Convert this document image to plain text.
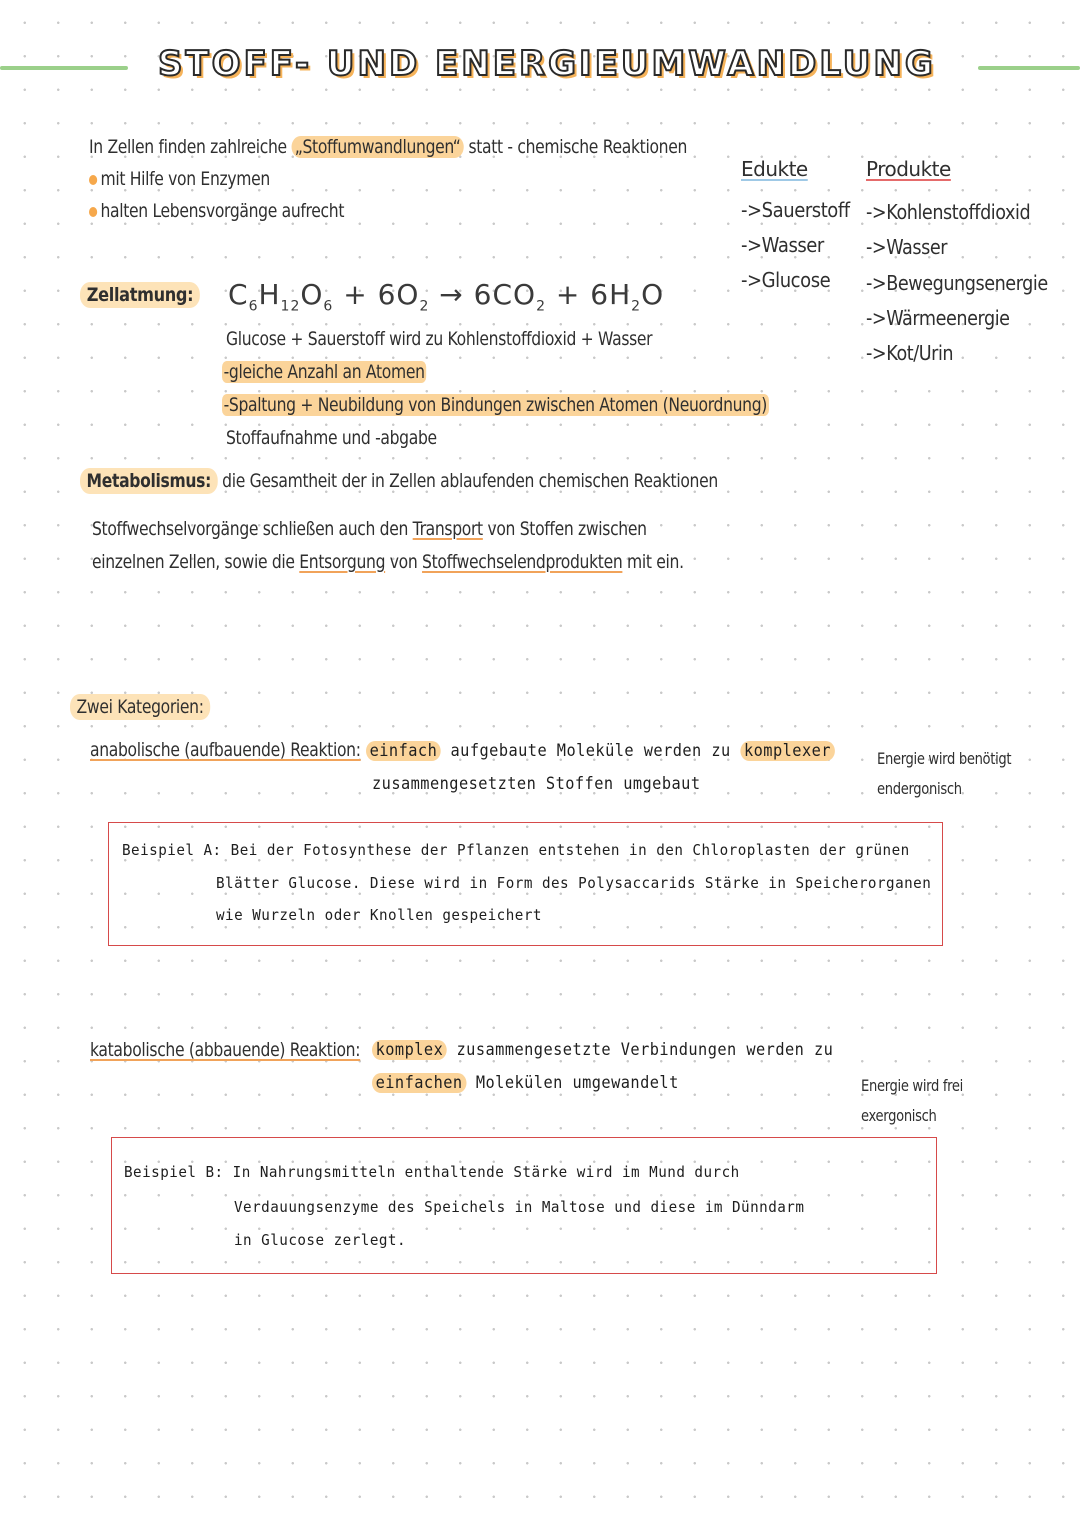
STOFF- UND ENERGIEUMWANDLUNG
In Zellen finden zahlreiche „Stoffumwandlungen“ statt - chemische Reaktionen
mit Hilfe von Enzymen
halten Lebensvorgänge aufrecht
Edukte	Produkte
->Sauerstoff
->Wasser
->Glucose
->Kohlenstoffdioxid
->Wasser
->Bewegungsenergie
->Wärmeenergie
->Kot/Urin
Zellatmung: $C_6H_{12}O_6 + 6O_2 \to 6CO_2 + 6H_2O$
Glucose + Sauerstoff wird zu Kohlenstoffdioxid + Wasser
-gleiche Anzahl an Atomen
-Spaltung + Neubildung von Bindungen zwischen Atomen (Neuordnung)
Stoffaufnahme und -abgabe
Metabolismus: die Gesamtheit der in Zellen ablaufenden chemischen Reaktionen
Stoffwechselvorgänge schließen auch den Transport von Stoffen zwischen
einzelnen Zellen, sowie die Entsorgung von Stoffwechselendprodukten mit ein.
Zwei Kategorien:
anabolische (aufbauende) Reaktion: einfach aufgebaute Moleküle werden zu komplexer
zusammengesetzten Stoffen umgebaut
Energie wird benötigt
endergonisch
Beispiel A: Bei der Fotosynthese der Pflanzen entstehen in den Chloroplasten der grünen
Blätter Glucose. Diese wird in Form des Polysaccarids Stärke in Speicherorganen
wie Wurzeln oder Knollen gespeichert
katabolische (abbauende) Reaktion: komplex zusammengesetzte Verbindungen werden zu
einfachen Molekülen umgewandelt	Energie wird frei
exergonisch
Beispiel B: In Nahrungsmitteln enthaltende Stärke wird im Mund durch
Verdauungsenzyme des Speichels in Maltose und diese im Dünndarm
in Glucose zerlegt.
